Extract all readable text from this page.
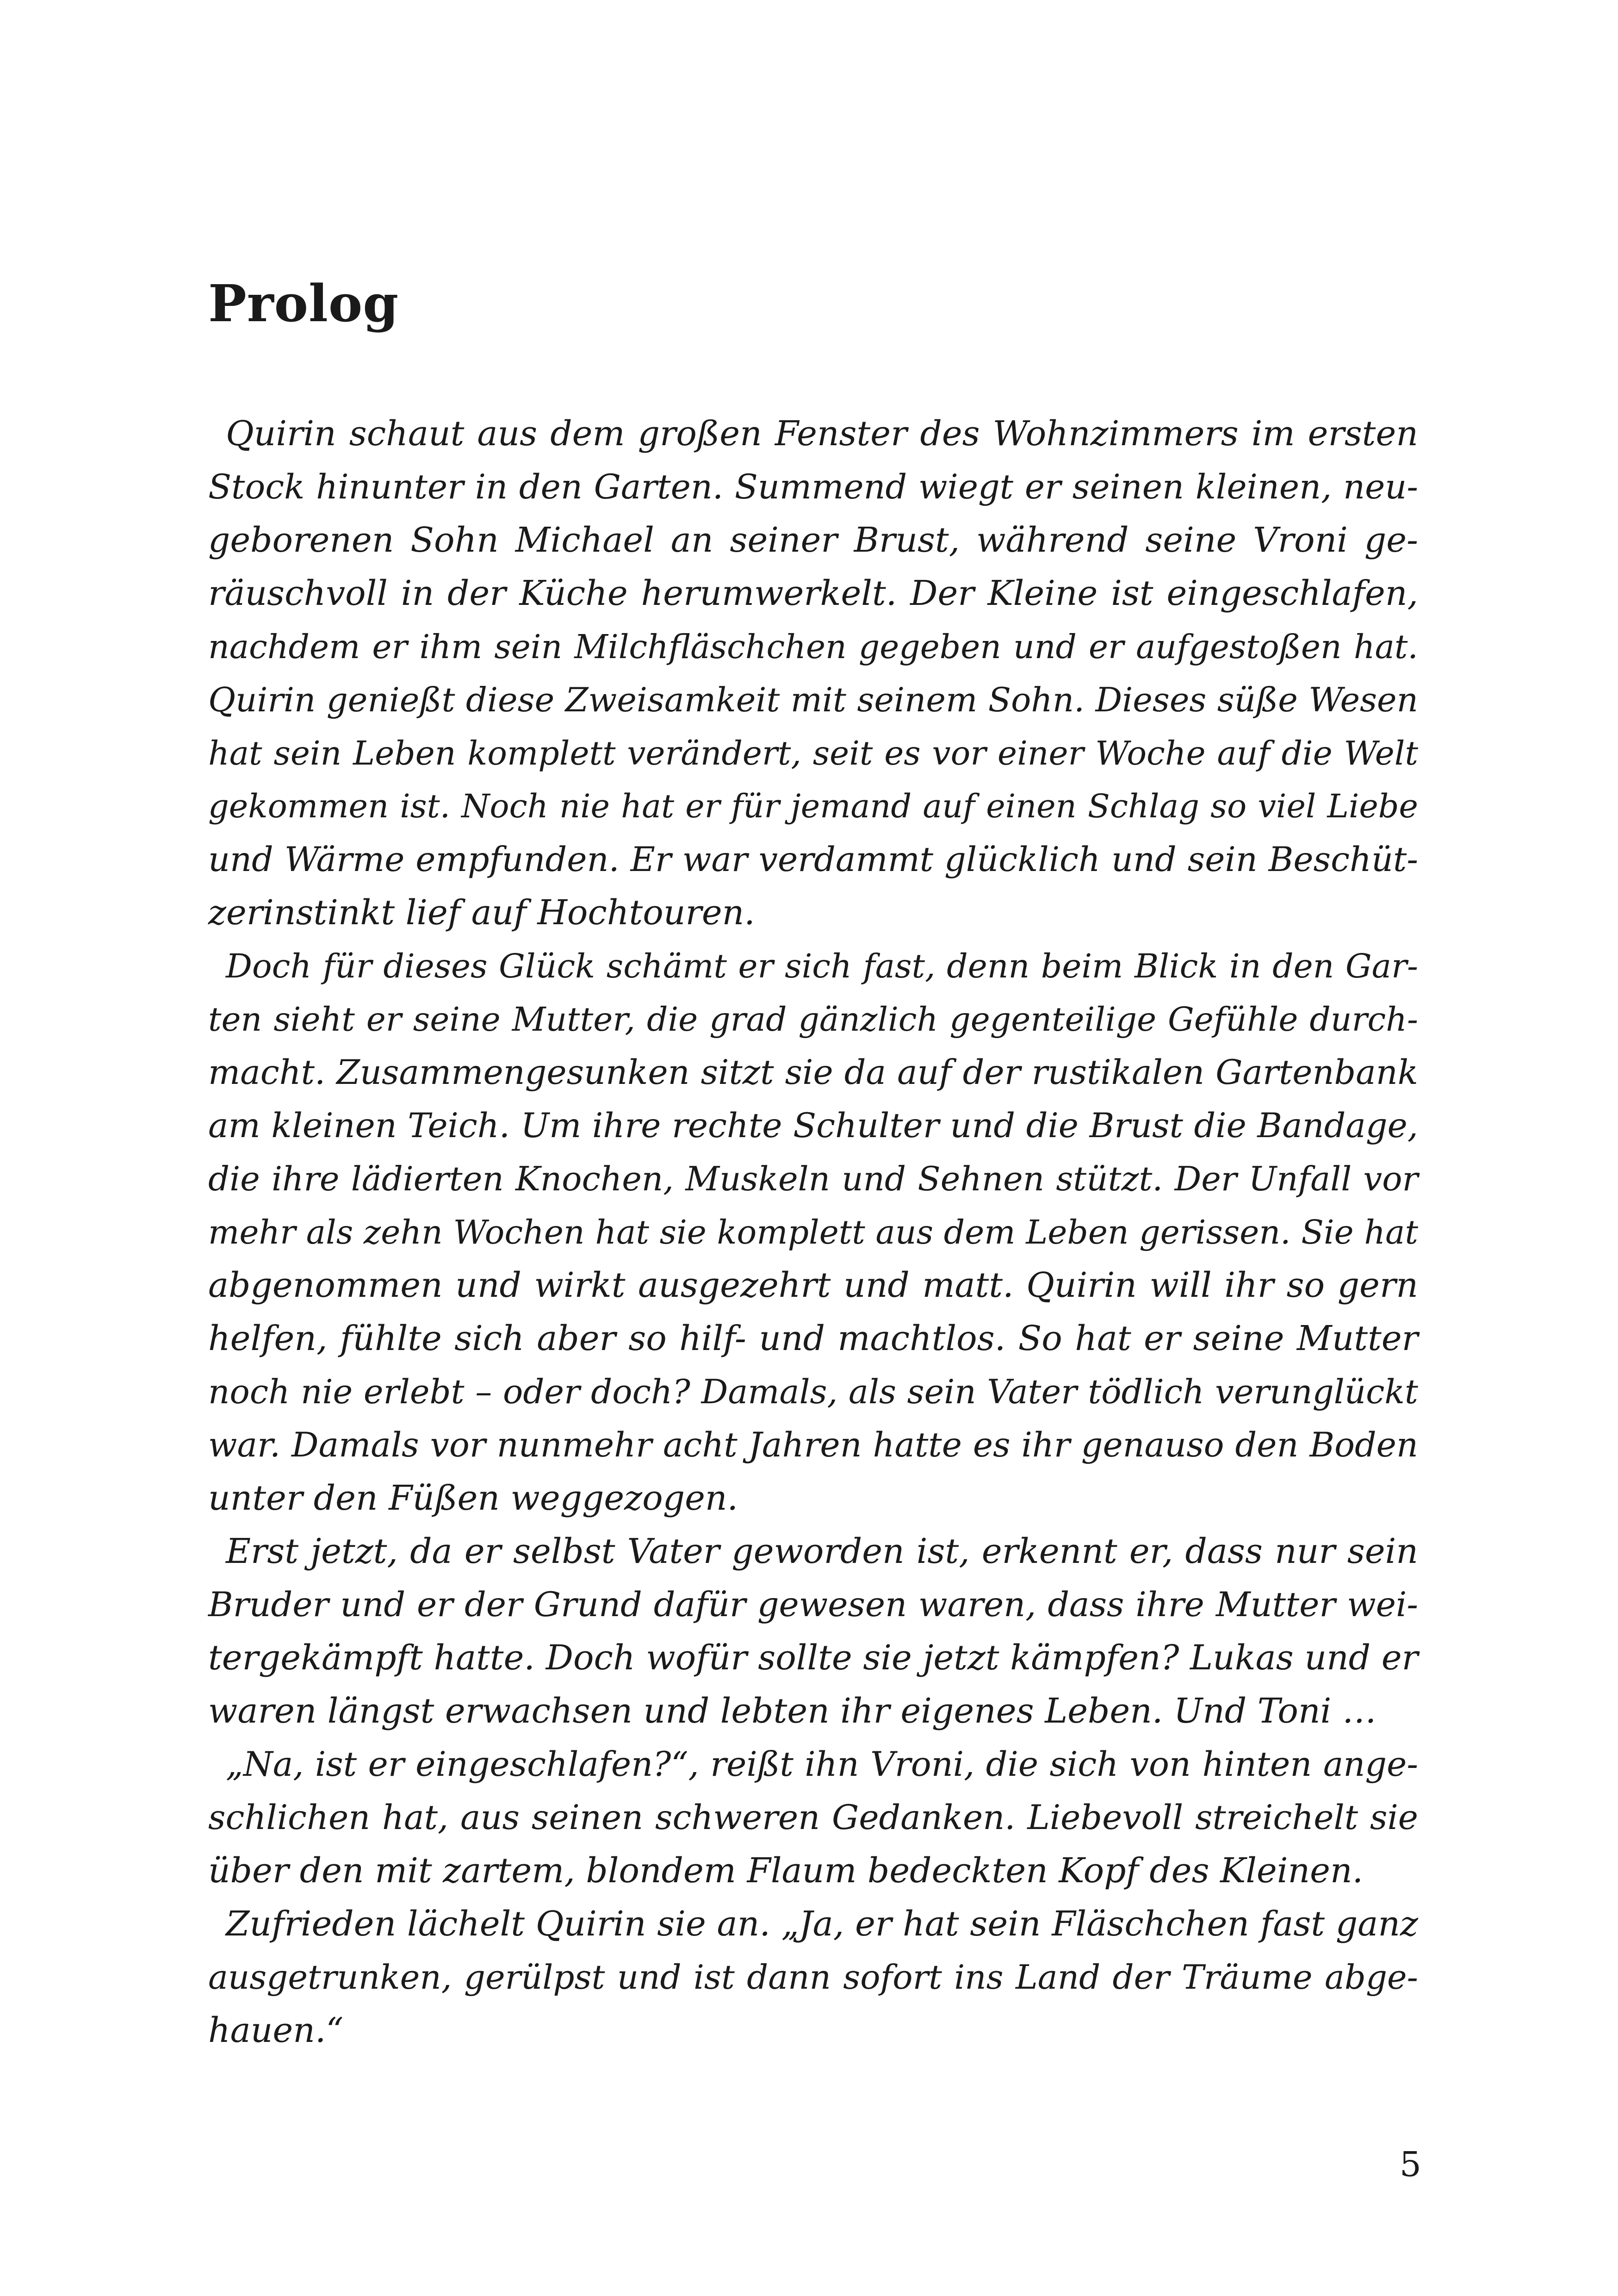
Prolog
Quirin schaut aus dem großen Fenster des Wohnzimmers im ersten
Stock hinunter in den Garten. Summend wiegt er seinen kleinen, neu-
geborenen Sohn Michael an seiner Brust, während seine Vroni ge-
räuschvoll in der Küche herumwerkelt. Der Kleine ist eingeschlafen,
nachdem er ihm sein Milchfläschchen gegeben und er aufgestoßen hat.
Quirin genießt diese Zweisamkeit mit seinem Sohn. Dieses süße Wesen
hat sein Leben komplett verändert, seit es vor einer Woche auf die Welt
gekommen ist. Noch nie hat er für jemand auf einen Schlag so viel Liebe
und Wärme empfunden. Er war verdammt glücklich und sein Beschüt-
zerinstinkt lief auf Hochtouren.
Doch für dieses Glück schämt er sich fast, denn beim Blick in den Gar-
ten sieht er seine Mutter, die grad gänzlich gegenteilige Gefühle durch-
macht. Zusammengesunken sitzt sie da auf der rustikalen Gartenbank
am kleinen Teich. Um ihre rechte Schulter und die Brust die Bandage,
die ihre lädierten Knochen, Muskeln und Sehnen stützt. Der Unfall vor
mehr als zehn Wochen hat sie komplett aus dem Leben gerissen. Sie hat
abgenommen und wirkt ausgezehrt und matt. Quirin will ihr so gern
helfen, fühlte sich aber so hilf- und machtlos. So hat er seine Mutter
noch nie erlebt – oder doch? Damals, als sein Vater tödlich verunglückt
war. Damals vor nunmehr acht Jahren hatte es ihr genauso den Boden
unter den Füßen weggezogen.
Erst jetzt, da er selbst Vater geworden ist, erkennt er, dass nur sein
Bruder und er der Grund dafür gewesen waren, dass ihre Mutter wei-
tergekämpft hatte. Doch wofür sollte sie jetzt kämpfen? Lukas und er
waren längst erwachsen und lebten ihr eigenes Leben. Und Toni …
„Na, ist er eingeschlafen?“, reißt ihn Vroni, die sich von hinten ange-
schlichen hat, aus seinen schweren Gedanken. Liebevoll streichelt sie
über den mit zartem, blondem Flaum bedeckten Kopf des Kleinen.
Zufrieden lächelt Quirin sie an. „Ja, er hat sein Fläschchen fast ganz
ausgetrunken, gerülpst und ist dann sofort ins Land der Träume abge-
hauen.“
5
